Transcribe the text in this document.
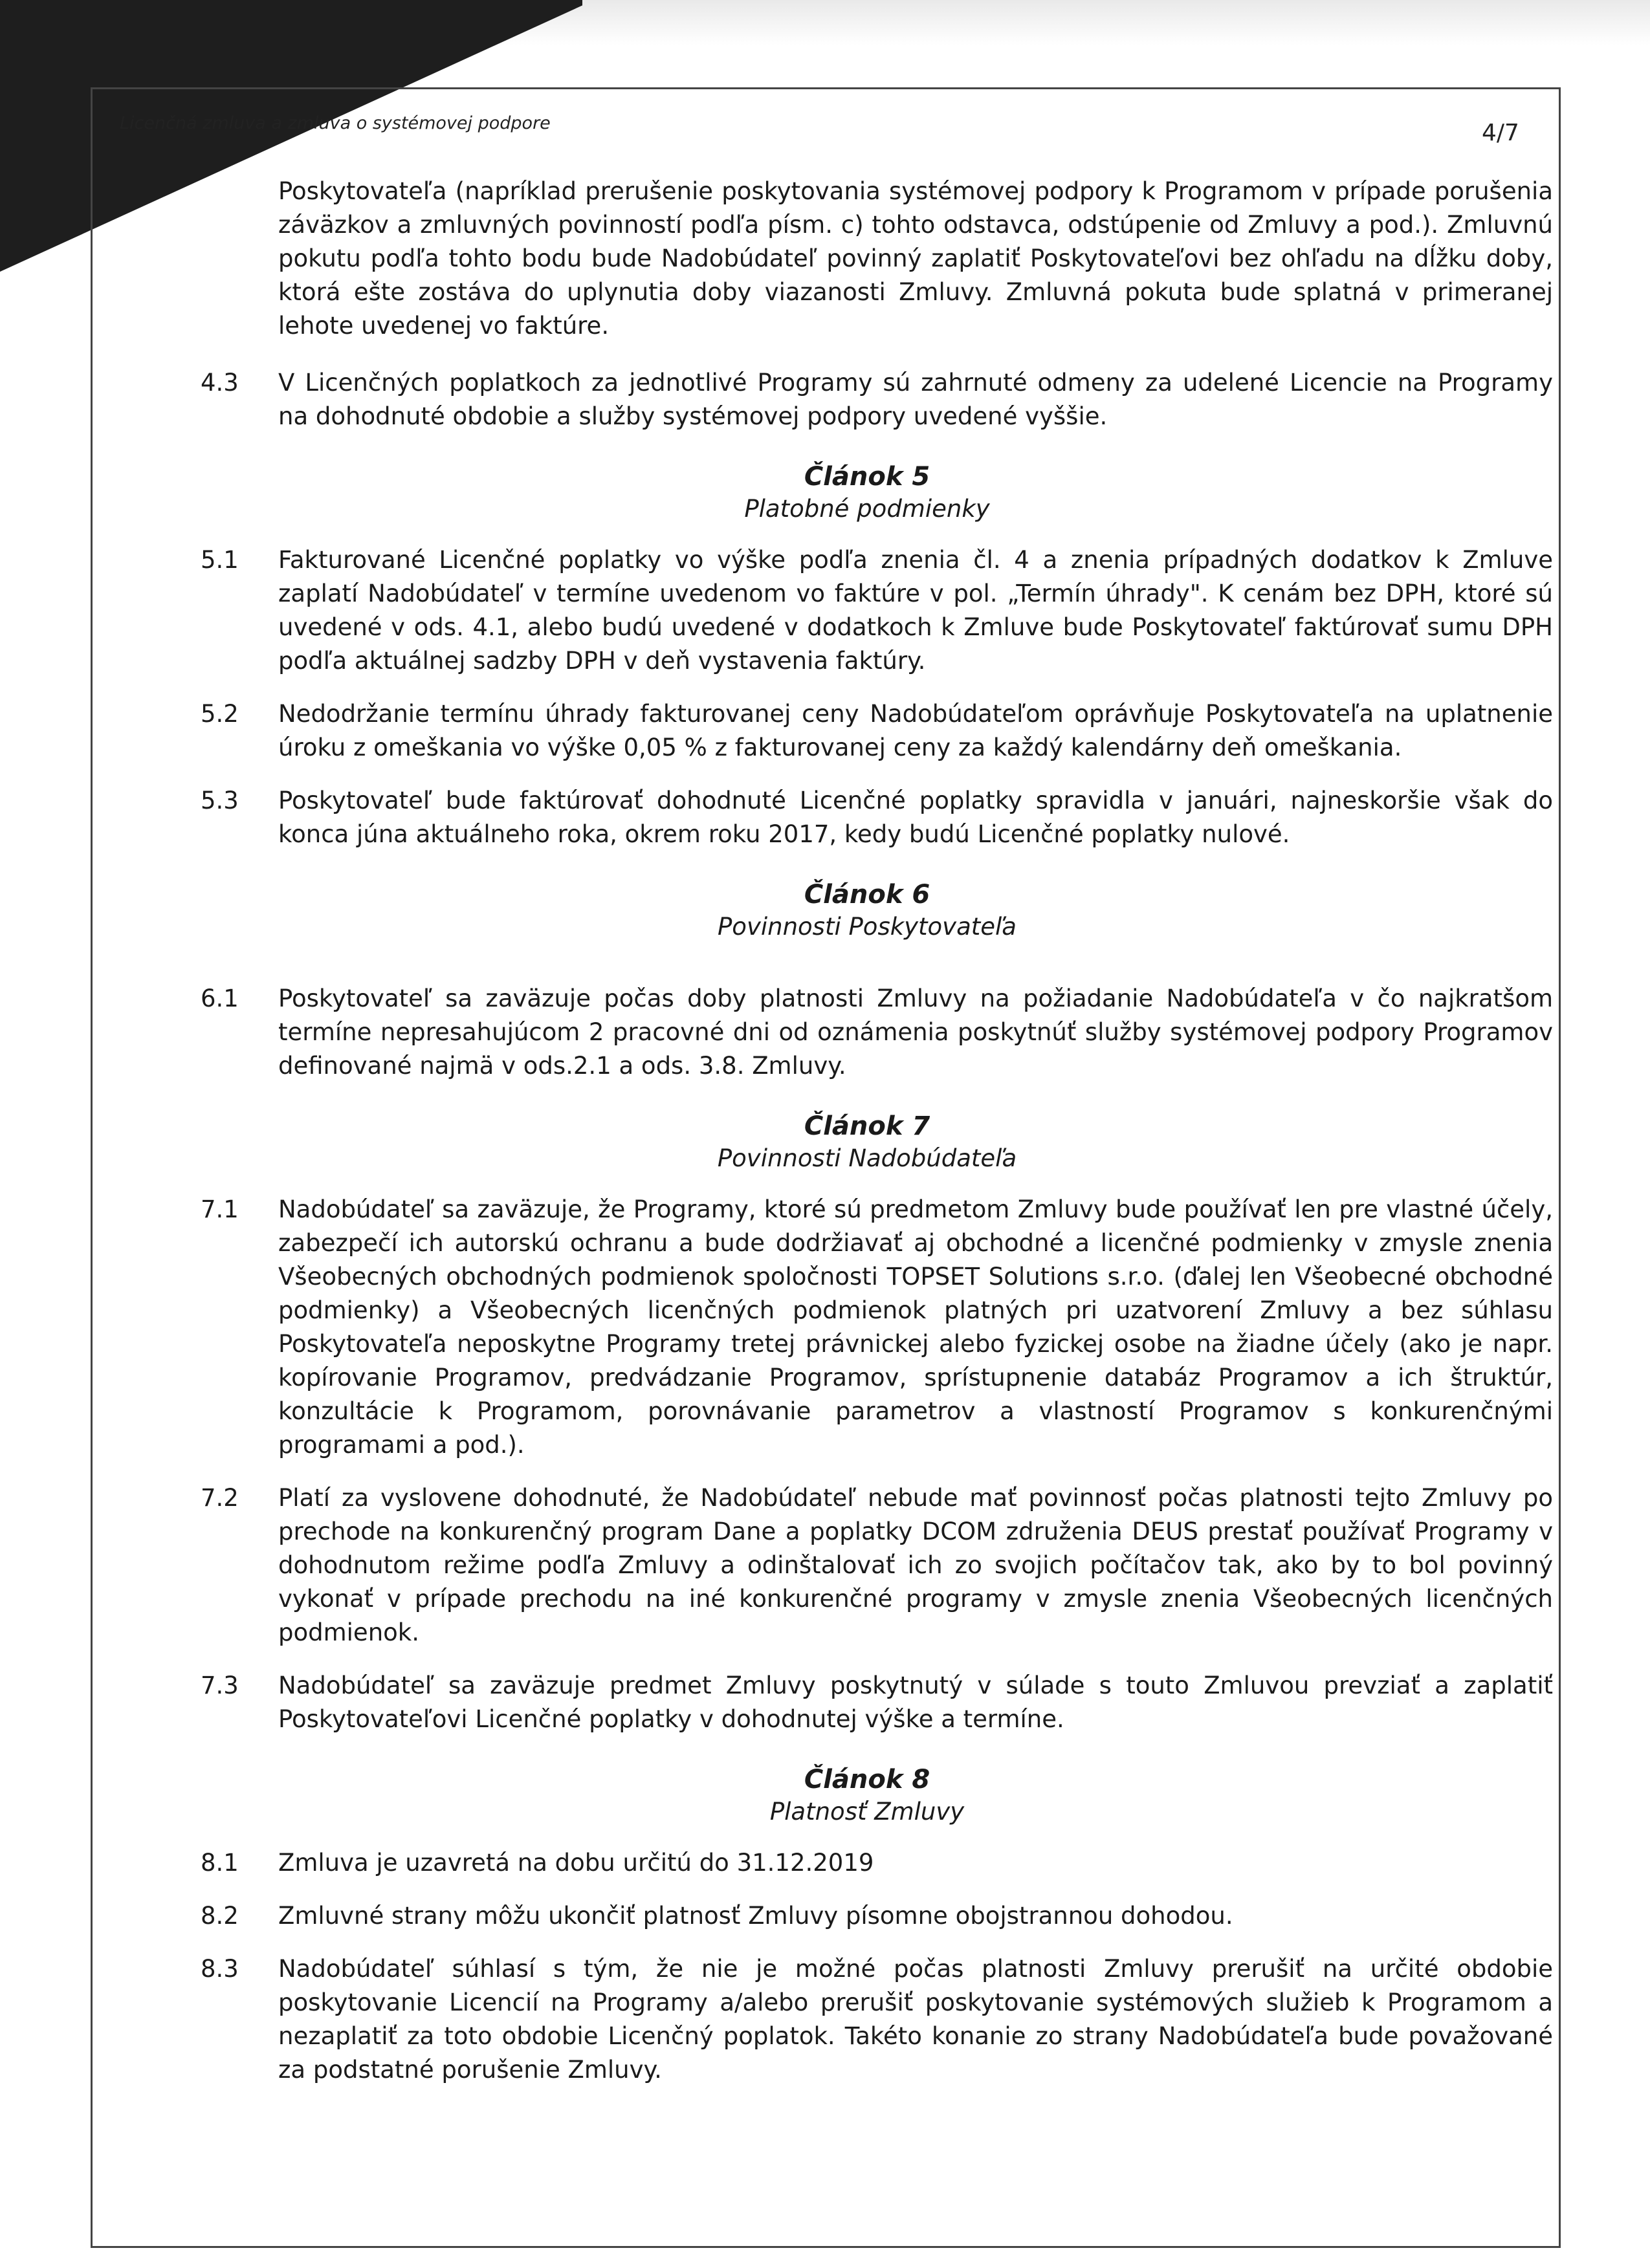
Licenčná zmluva a zmluva o systémovej podpore	4/7
Poskytovateľa (napríklad prerušenie poskytovania systémovej podpory k Programom v prípade porušenia záväzkov a zmluvných povinností podľa písm. c) tohto odstavca, odstúpenie od Zmluvy a pod.). Zmluvnú pokutu podľa tohto bodu bude Nadobúdateľ povinný zaplatiť Poskytovateľovi bez ohľadu na dĺžku doby, ktorá ešte zostáva do uplynutia doby viazanosti Zmluvy. Zmluvná pokuta bude splatná v primeranej lehote uvedenej vo faktúre.
4.3 V Licenčných poplatkoch za jednotlivé Programy sú zahrnuté odmeny za udelené Licencie na Programy na dohodnuté obdobie a služby systémovej podpory uvedené vyššie.
Článok 5
Platobné podmienky
5.1 Fakturované Licenčné poplatky vo výške podľa znenia čl. 4 a znenia prípadných dodatkov k Zmluve zaplatí Nadobúdateľ v termíne uvedenom vo faktúre v pol. „Termín úhrady". K cenám bez DPH, ktoré sú uvedené v ods. 4.1, alebo budú uvedené v dodatkoch k Zmluve bude Poskytovateľ faktúrovať sumu DPH podľa aktuálnej sadzby DPH v deň vystavenia faktúry.
5.2 Nedodržanie termínu úhrady fakturovanej ceny Nadobúdateľom oprávňuje Poskytovateľa na uplatnenie úroku z omeškania vo výške 0,05 % z fakturovanej ceny za každý kalendárny deň omeškania.
5.3 Poskytovateľ bude faktúrovať dohodnuté Licenčné poplatky spravidla v januári, najneskoršie však do konca júna aktuálneho roka, okrem roku 2017, kedy budú Licenčné poplatky nulové.
Článok 6
Povinnosti Poskytovateľa
6.1 Poskytovateľ sa zaväzuje počas doby platnosti Zmluvy na požiadanie Nadobúdateľa v čo najkratšom termíne nepresahujúcom 2 pracovné dni od oznámenia poskytnúť služby systémovej podpory Programov definované najmä v ods.2.1 a ods. 3.8. Zmluvy.
Článok 7
Povinnosti Nadobúdateľa
7.1 Nadobúdateľ sa zaväzuje, že Programy, ktoré sú predmetom Zmluvy bude používať len pre vlastné účely, zabezpečí ich autorskú ochranu a bude dodržiavať aj obchodné a licenčné podmienky v zmysle znenia Všeobecných obchodných podmienok spoločnosti TOPSET Solutions s.r.o. (ďalej len Všeobecné obchodné podmienky) a Všeobecných licenčných podmienok platných pri uzatvorení Zmluvy a bez súhlasu Poskytovateľa neposkytne Programy tretej právnickej alebo fyzickej osobe na žiadne účely (ako je napr. kopírovanie Programov, predvádzanie Programov, sprístupnenie databáz Programov a ich štruktúr, konzultácie k Programom, porovnávanie parametrov a vlastností Programov s konkurenčnými programami a pod.).
7.2 Platí za vyslovene dohodnuté, že Nadobúdateľ nebude mať povinnosť počas platnosti tejto Zmluvy po prechode na konkurenčný program Dane a poplatky DCOM združenia DEUS prestať používať Programy v dohodnutom režime podľa Zmluvy a odinštalovať ich zo svojich počítačov tak, ako by to bol povinný vykonať v prípade prechodu na iné konkurenčné programy v zmysle znenia Všeobecných licenčných podmienok.
7.3 Nadobúdateľ sa zaväzuje predmet Zmluvy poskytnutý v súlade s touto Zmluvou prevziať a zaplatiť Poskytovateľovi Licenčné poplatky v dohodnutej výške a termíne.
Článok 8
Platnosť Zmluvy
8.1 Zmluva je uzavretá na dobu určitú do 31.12.2019
8.2 Zmluvné strany môžu ukončiť platnosť Zmluvy písomne obojstrannou dohodou.
8.3 Nadobúdateľ súhlasí s tým, že nie je možné počas platnosti Zmluvy prerušiť na určité obdobie poskytovanie Licencií na Programy a/alebo prerušiť poskytovanie systémových služieb k Programom a nezaplatiť za toto obdobie Licenčný poplatok. Takéto konanie zo strany Nadobúdateľa bude považované za podstatné porušenie Zmluvy.
